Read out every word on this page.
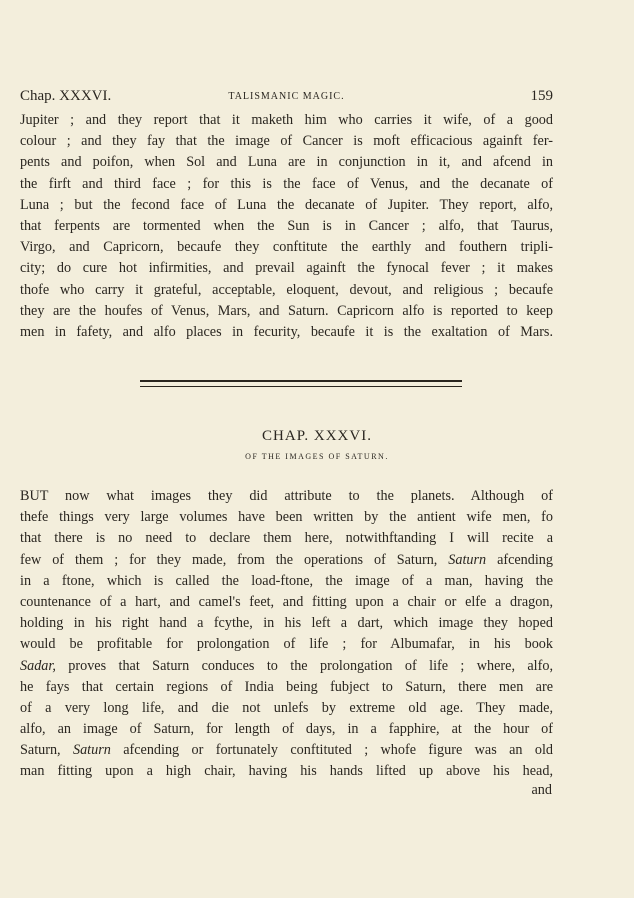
Chap. XXXVI.	TALISMANIC MAGIC.	159
Jupiter ; and they report that it maketh him who carries it wife, of a good
colour ; and they fay that the image of Cancer is moft efficacious againft fer-
pents and poifon, when Sol and Luna are in conjunction in it, and afcend in
the firft and third face ; for this is the face of Venus, and the decanate of
Luna ; but the fecond face of Luna the decanate of Jupiter. They report, alfo,
that ferpents are tormented when the Sun is in Cancer ; alfo, that Taurus,
Virgo, and Capricorn, becaufe they conftitute the earthly and fouthern tripli-
city; do cure hot infirmities, and prevail againft the fynocal fever ; it makes
thofe who carry it grateful, acceptable, eloquent, devout, and religious ; becaufe
they are the houfes of Venus, Mars, and Saturn. Capricorn alfo is reported to keep
men in fafety, and alfo places in fecurity, becaufe it is the exaltation of Mars.
CHAP. XXXVI.
OF THE IMAGES OF SATURN.
BUT now what images they did attribute to the planets. Although of
thefe things very large volumes have been written by the antient wife men, fo
that there is no need to declare them here, notwithftanding I will recite a
few of them ; for they made, from the operations of Saturn, Saturn afcending
in a ftone, which is called the load-ftone, the image of a man, having the
countenance of a hart, and camel's feet, and fitting upon a chair or elfe a dragon,
holding in his right hand a fcythe, in his left a dart, which image they hoped
would be profitable for prolongation of life ; for Albumafar, in his book
Sadar, proves that Saturn conduces to the prolongation of life ; where, alfo,
he fays that certain regions of India being fubject to Saturn, there men are
of a very long life, and die not unlefs by extreme old age. They made,
alfo, an image of Saturn, for length of days, in a fapphire, at the hour of
Saturn, Saturn afcending or fortunately conftituted ; whofe figure was an old
man fitting upon a high chair, having his hands lifted up above his head,
and
